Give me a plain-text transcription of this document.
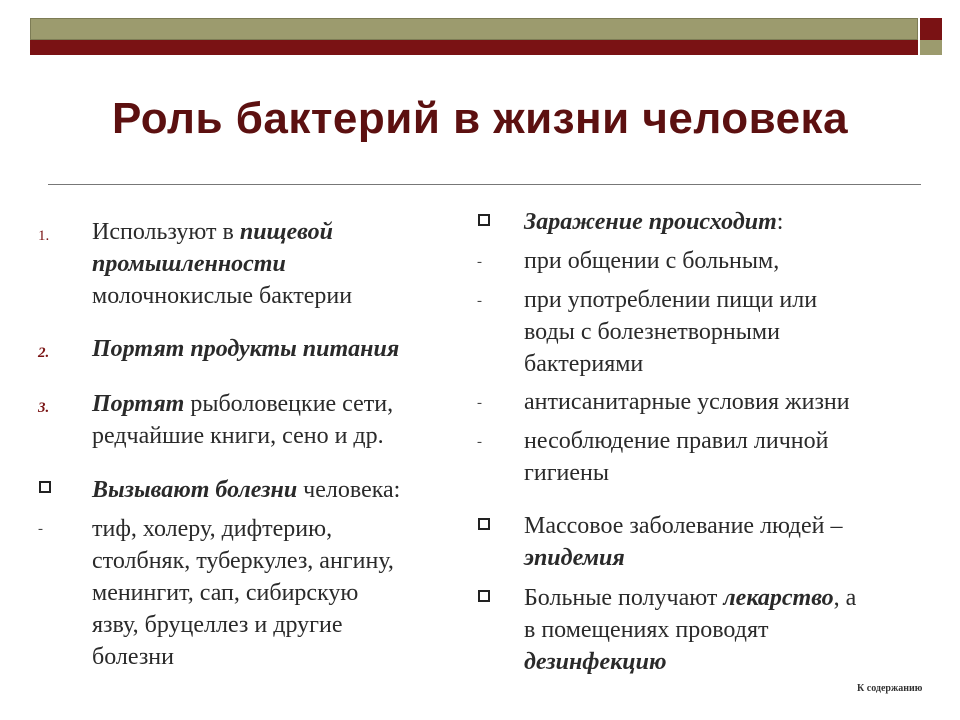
Роль бактерий в жизни человека
1. Используют в пищевой
промышленности
молочнокислые бактерии
2. Портят продукты питания
3. Портят рыболовецкие сети,
редчайшие книги, сено и др.
Вызывают болезни человека:
- тиф, холеру, дифтерию,
столбняк, туберкулез, ангину,
менингит, сап, сибирскую
язву, бруцеллез и другие
болезни
Заражение происходит:
- при общении с больным,
- при употреблении пищи или
воды с болезнетворными
бактериями
- антисанитарные условия жизни
- несоблюдение правил личной
гигиены
Массовое заболевание людей –
эпидемия
Больные получают лекарство, а
в помещениях проводят
дезинфекцию
К содержанию
